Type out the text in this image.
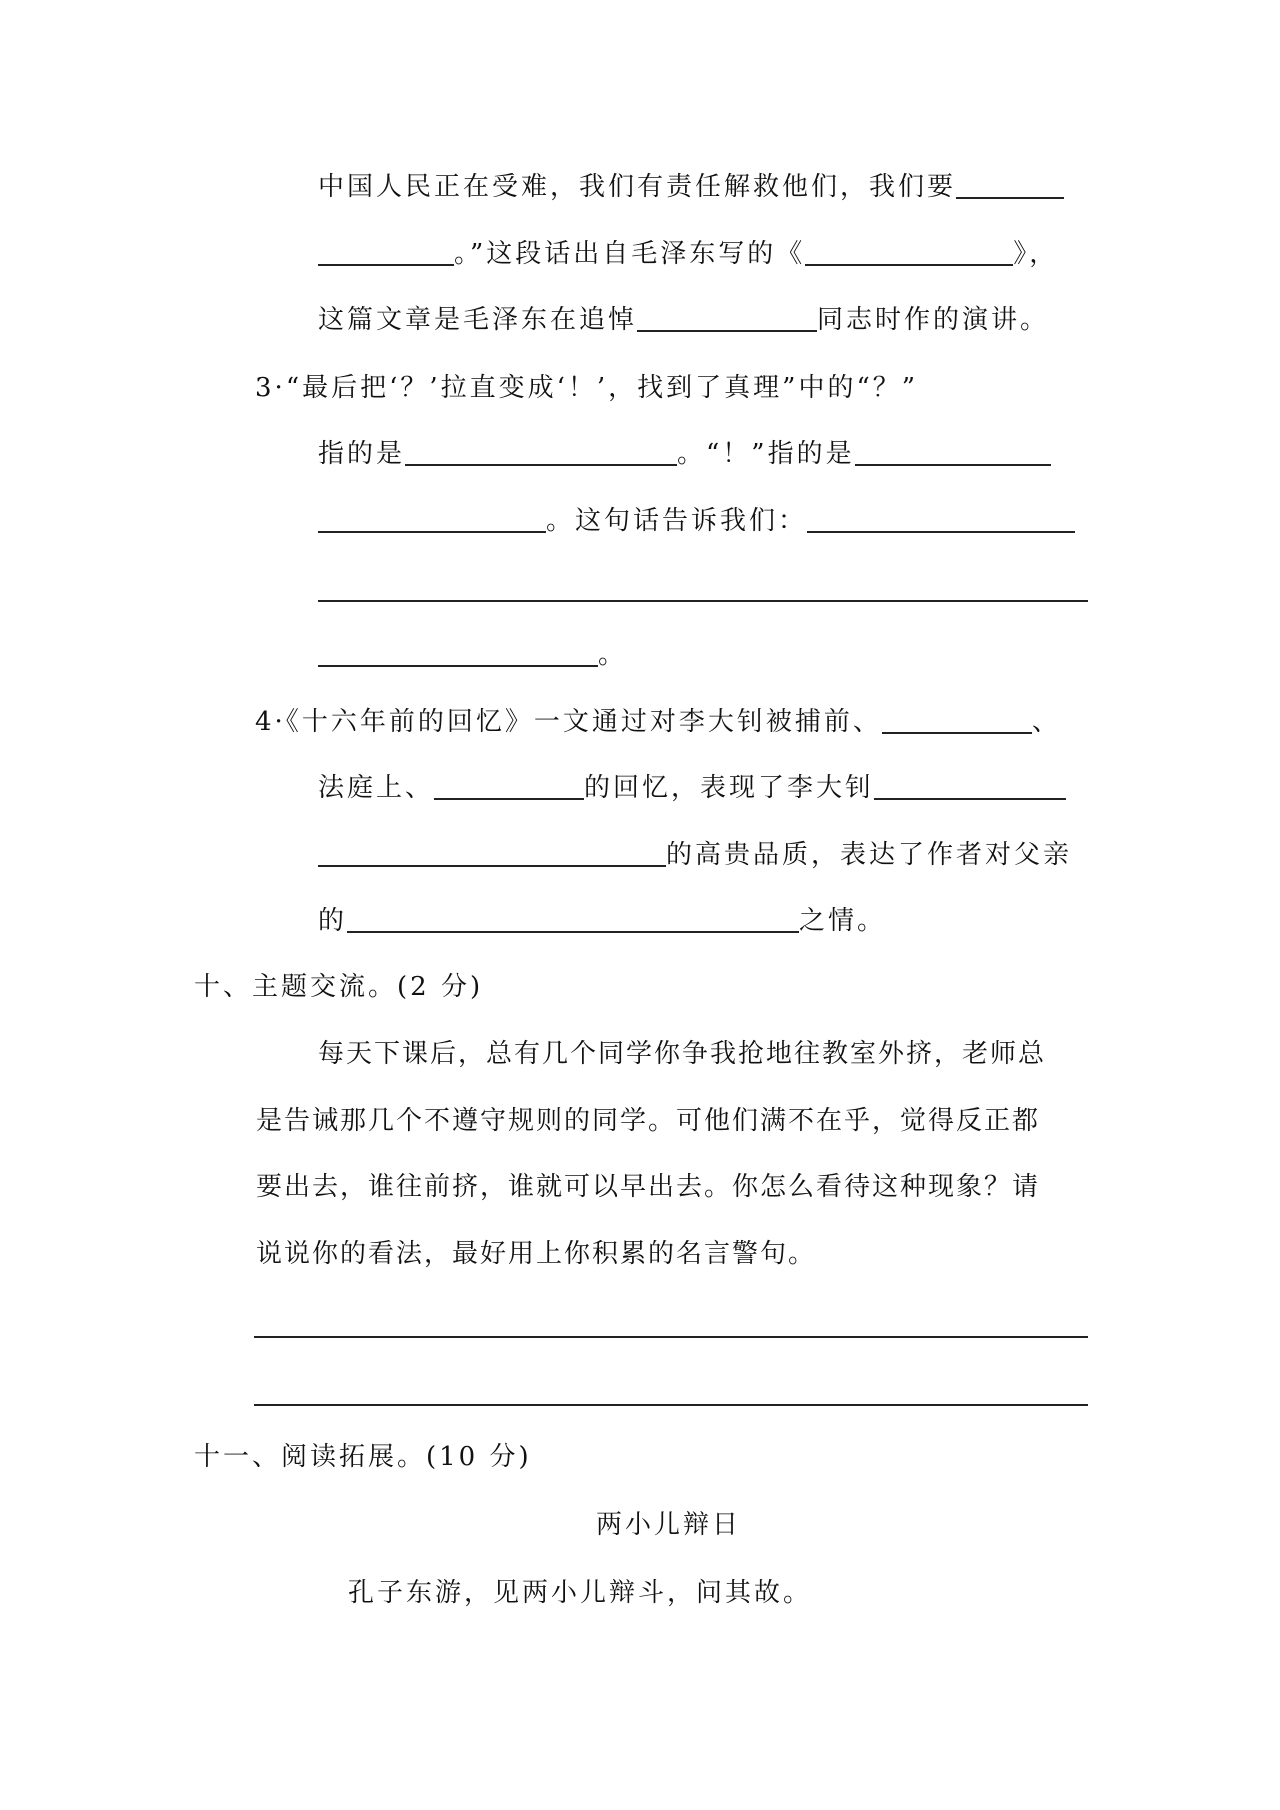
中国人民正在受难，我们有责任解救他们，我们要
。”这段话出自毛泽东写的《	》，
这篇文章是毛泽东在追悼	同志时作的演讲。
3·“最后把‘？’拉直变成‘！’，找到了真理”中的“？”
指的是	。“！”指的是
。这句话告诉我们：
。
4·《十六年前的回忆》一文通过对李大钊被捕前、	、
法庭上、	的回忆，表现了李大钊
的高贵品质，表达了作者对父亲
的	之情。
十、主题交流。(2 分)
每天下课后，总有几个同学你争我抢地往教室外挤，老师总
是告诫那几个不遵守规则的同学。可他们满不在乎，觉得反正都
要出去，谁往前挤，谁就可以早出去。你怎么看待这种现象？请
说说你的看法，最好用上你积累的名言警句。
十一、阅读拓展。(10 分)
两小儿辩日
孔子东游，见两小儿辩斗，问其故。
